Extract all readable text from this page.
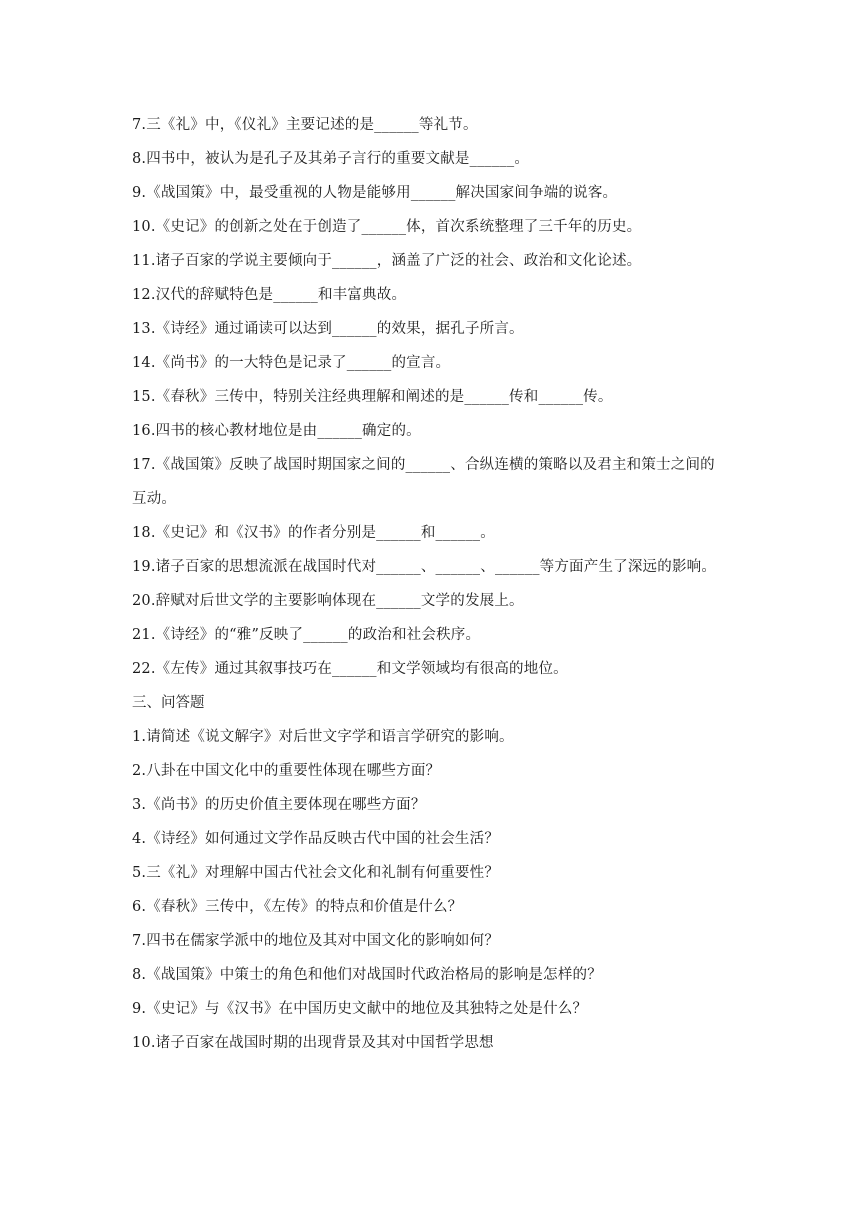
7.三《礼》中，《仪礼》主要记述的是______等礼节。
8.四书中，被认为是孔子及其弟子言行的重要文献是______。
9.《战国策》中，最受重视的人物是能够用______解决国家间争端的说客。
10.《史记》的创新之处在于创造了______体，首次系统整理了三千年的历史。
11.诸子百家的学说主要倾向于______，涵盖了广泛的社会、政治和文化论述。
12.汉代的辞赋特色是______和丰富典故。
13.《诗经》通过诵读可以达到______的效果，据孔子所言。
14.《尚书》的一大特色是记录了______的宣言。
15.《春秋》三传中，特别关注经典理解和阐述的是______传和______传。
16.四书的核心教材地位是由______确定的。
17.《战国策》反映了战国时期国家之间的______、合纵连横的策略以及君主和策士之间的
互动。
18.《史记》和《汉书》的作者分别是______和______。
19.诸子百家的思想流派在战国时代对______、______、______等方面产生了深远的影响。
20.辞赋对后世文学的主要影响体现在______文学的发展上。
21.《诗经》的“雅”反映了______的政治和社会秩序。
22.《左传》通过其叙事技巧在______和文学领域均有很高的地位。
三、问答题
1.请简述《说文解字》对后世文字学和语言学研究的影响。
2.八卦在中国文化中的重要性体现在哪些方面？
3.《尚书》的历史价值主要体现在哪些方面？
4.《诗经》如何通过文学作品反映古代中国的社会生活？
5.三《礼》对理解中国古代社会文化和礼制有何重要性？
6.《春秋》三传中，《左传》的特点和价值是什么？
7.四书在儒家学派中的地位及其对中国文化的影响如何？
8.《战国策》中策士的角色和他们对战国时代政治格局的影响是怎样的？
9.《史记》与《汉书》在中国历史文献中的地位及其独特之处是什么？
10.诸子百家在战国时期的出现背景及其对中国哲学思想
